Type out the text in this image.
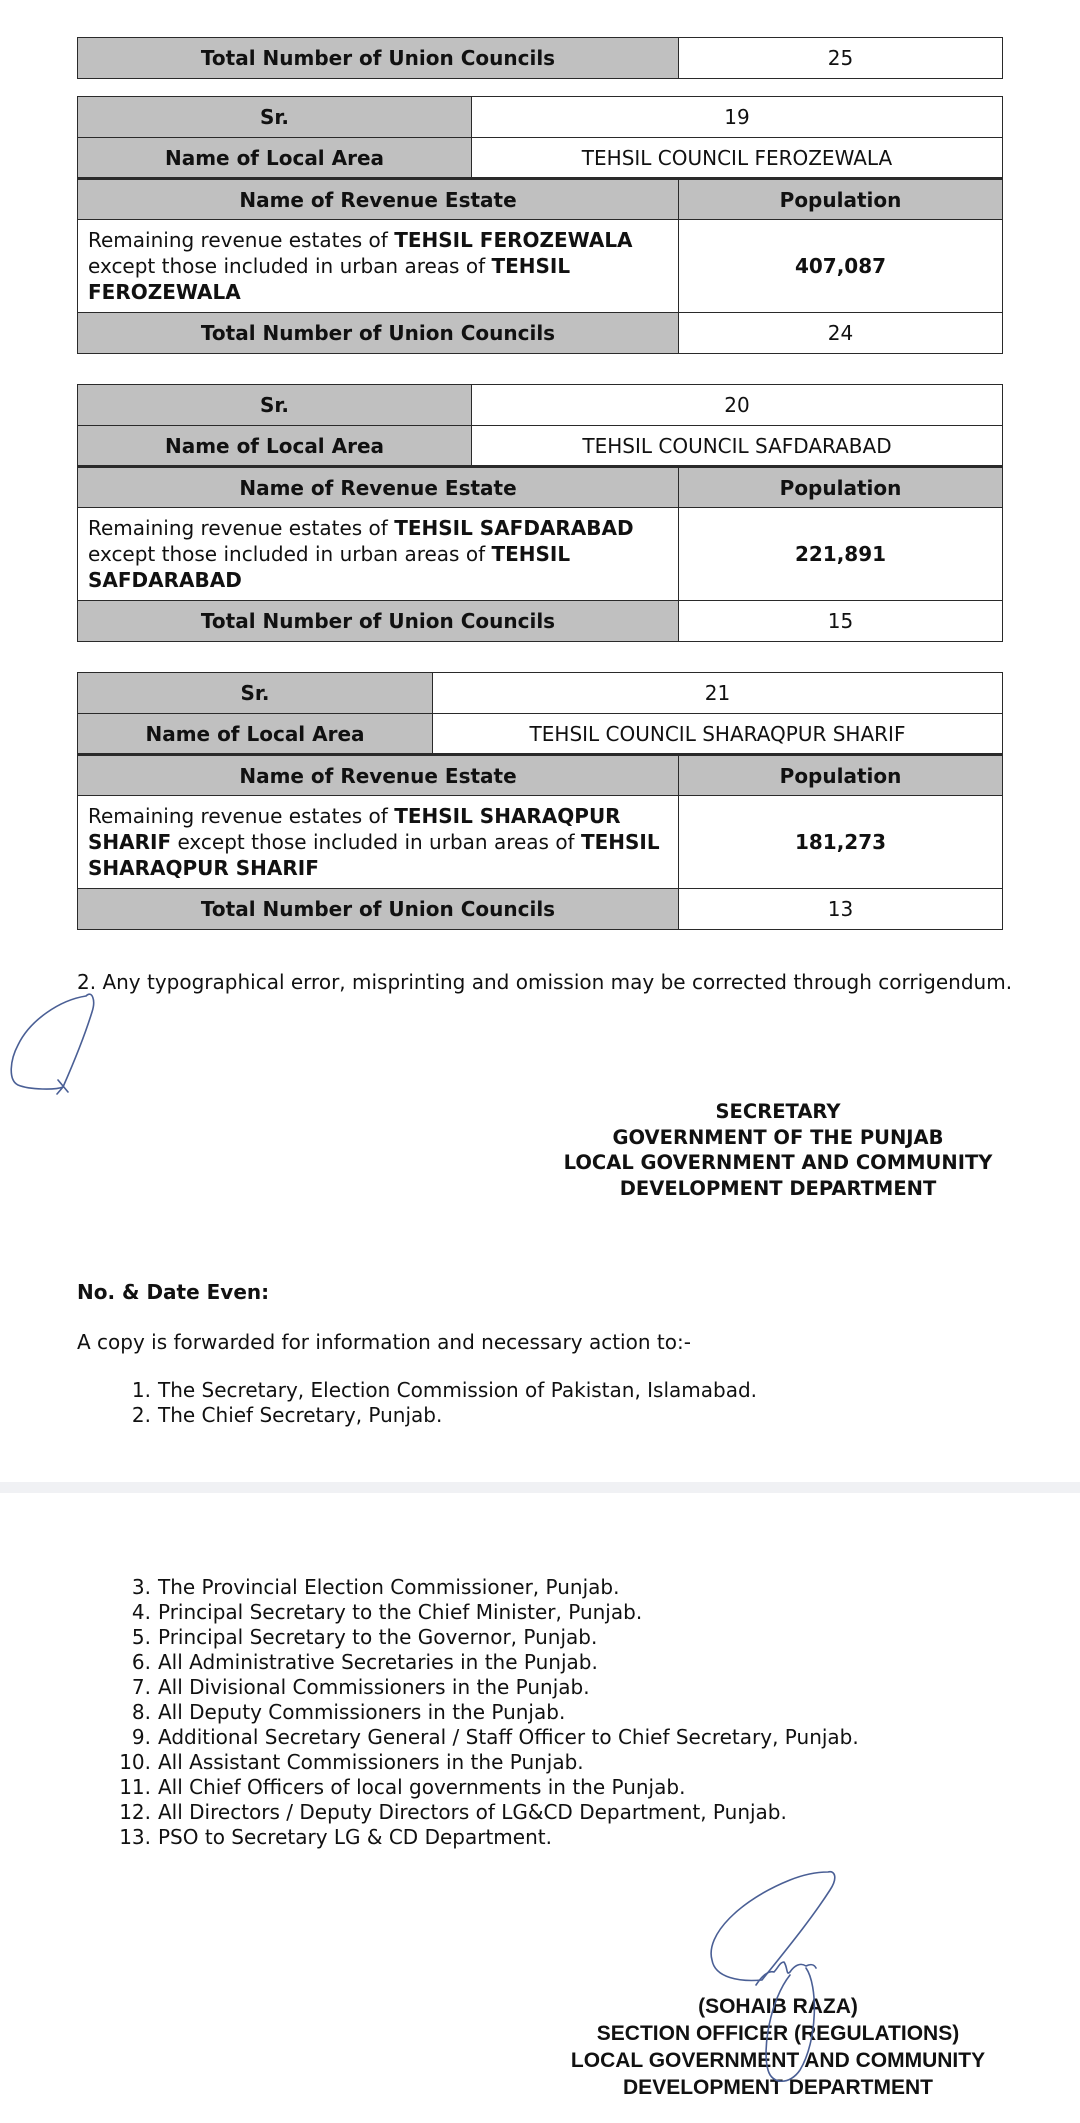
Total Number of Union Councils	25
Sr.	19	
Name of Local Area	TEHSIL COUNCIL FEROZEWALA	
Name of Revenue Estate		Population
Remaining revenue estates of TEHSIL FEROZEWALA except those included in urban areas of TEHSIL FEROZEWALA		407,087
Total Number of Union Councils		24
Sr.	20	
Name of Local Area	TEHSIL COUNCIL SAFDARABAD	
Name of Revenue Estate		Population
Remaining revenue estates of TEHSIL SAFDARABAD except those included in urban areas of TEHSIL SAFDARABAD		221,891
Total Number of Union Councils		15
Sr.	21	
Name of Local Area	TEHSIL COUNCIL SHARAQPUR SHARIF	
Name of Revenue Estate		Population
Remaining revenue estates of TEHSIL SHARAQPUR SHARIF except those included in urban areas of TEHSIL SHARAQPUR SHARIF		181,273
Total Number of Union Councils		13
2. Any typographical error, misprinting and omission may be corrected through corrigendum.
SECRETARY
GOVERNMENT OF THE PUNJAB
LOCAL GOVERNMENT AND COMMUNITY
DEVELOPMENT DEPARTMENT
No. & Date Even:
A copy is forwarded for information and necessary action to:-
1. The Secretary, Election Commission of Pakistan, Islamabad.
2. The Chief Secretary, Punjab.
3. The Provincial Election Commissioner, Punjab.
4. Principal Secretary to the Chief Minister, Punjab.
5. Principal Secretary to the Governor, Punjab.
6. All Administrative Secretaries in the Punjab.
7. All Divisional Commissioners in the Punjab.
8. All Deputy Commissioners in the Punjab.
9. Additional Secretary General / Staff Officer to Chief Secretary, Punjab.
10. All Assistant Commissioners in the Punjab.
11. All Chief Officers of local governments in the Punjab.
12. All Directors / Deputy Directors of LG&CD Department, Punjab.
13. PSO to Secretary LG & CD Department.
(SOHAIB RAZA)
SECTION OFFICER (REGULATIONS)
LOCAL GOVERNMENT AND COMMUNITY
DEVELOPMENT DEPARTMENT
